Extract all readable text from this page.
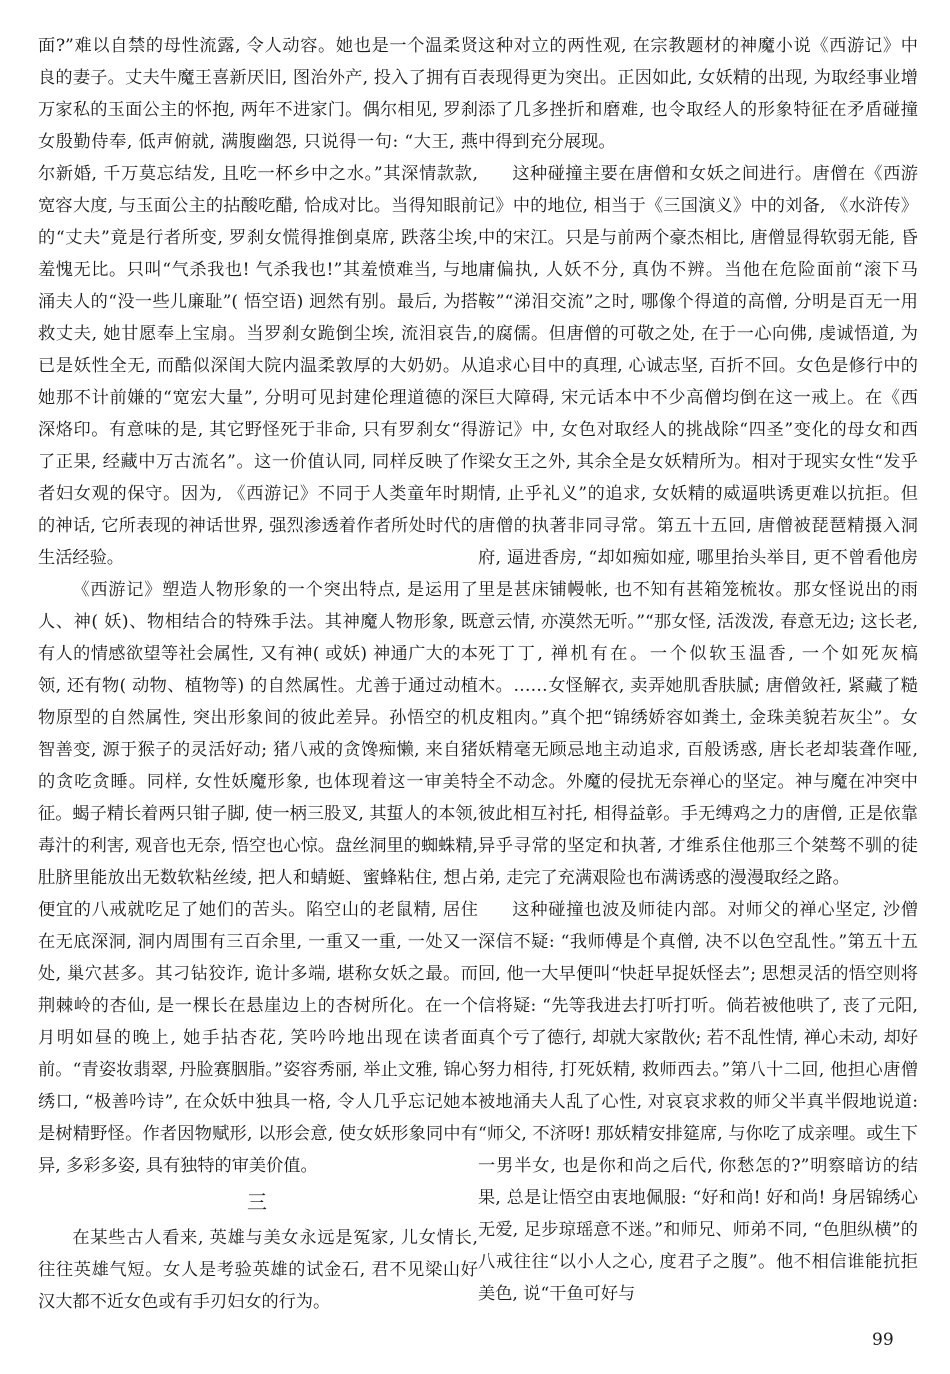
面?”难以自禁的母性流露, 令人动容。她也是一个温柔贤良的妻子。丈夫牛魔王喜新厌旧, 图治外产, 投入了拥有百万家私的玉面公主的怀抱, 两年不进家门。偶尔相见, 罗刹女殷勤侍奉, 低声俯就, 满腹幽怨, 只说得一句: “大王, 燕尔新婚, 千万莫忘结发, 且吃一杯乡中之水。”其深情款款, 宽容大度, 与玉面公主的拈酸吃醋, 恰成对比。当得知眼前的“丈夫”竟是行者所变, 罗刹女慌得推倒桌席, 跌落尘埃, 羞愧无比。只叫“气杀我也! 气杀我也!”其羞愤难当, 与地涌夫人的“没一些儿廉耻”( 悟空语) 迥然有别。最后, 为搭救丈夫, 她甘愿奉上宝扇。当罗刹女跪倒尘埃, 流泪哀告, 已是妖性全无, 而酷似深闺大院内温柔敦厚的大奶奶。从她那不计前嫌的“宽宏大量”, 分明可见封建伦理道德的深深烙印。有意味的是, 其它野怪死于非命, 只有罗刹女“得了正果, 经藏中万古流名”。这一价值认同, 同样反映了作者妇女观的保守。因为, 《西游记》不同于人类童年时期的神话, 它所表现的神话世界, 强烈渗透着作者所处时代的生活经验。

《西游记》塑造人物形象的一个突出特点, 是运用了人、神( 妖)、物相结合的特殊手法。其神魔人物形象, 既有人的情感欲望等社会属性, 又有神( 或妖) 神通广大的本领, 还有物( 动物、植物等) 的自然属性。尤善于通过动植物原型的自然属性, 突出形象间的彼此差异。孙悟空的机智善变, 源于猴子的灵活好动; 猪八戒的贪馋痴懒, 来自猪的贪吃贪睡。同样, 女性妖魔形象, 也体现着这一审美特征。蝎子精长着两只钳子脚, 使一柄三股叉, 其蜇人的本领, 毒汁的利害, 观音也无奈, 悟空也心惊。盘丝洞里的蜘蛛精, 肚脐里能放出无数软粘丝绫, 把人和蜻蜓、蜜蜂粘住, 想占便宜的八戒就吃足了她们的苦头。陷空山的老鼠精, 居住在无底深洞, 洞内周围有三百余里, 一重又一重, 一处又一处, 巢穴甚多。其刁钻狡诈, 诡计多端, 堪称女妖之最。而荆棘岭的杏仙, 是一棵长在悬崖边上的杏树所化。在一个月明如昼的晚上, 她手拈杏花, 笑吟吟地出现在读者面前。“青姿妆翡翠, 丹脸赛胭脂。”姿容秀丽, 举止文雅, 锦心绣口, “极善吟诗”, 在众妖中独具一格, 令人几乎忘记她本是树精野怪。作者因物赋形, 以形会意, 使女妖形象同中有异, 多彩多姿, 具有独特的审美价值。

三

在某些古人看来, 英雄与美女永远是冤家, 儿女情长, 往往英雄气短。女人是考验英雄的试金石, 君不见梁山好汉大都不近女色或有手刃妇女的行为。

这种对立的两性观, 在宗教题材的神魔小说《西游记》中表现得更为突出。正因如此, 女妖精的出现, 为取经事业增添了几多挫折和磨难, 也令取经人的形象特征在矛盾碰撞中得到充分展现。

这种碰撞主要在唐僧和女妖之间进行。唐僧在《西游记》中的地位, 相当于《三国演义》中的刘备, 《水浒传》中的宋江。只是与前两个豪杰相比, 唐僧显得软弱无能, 昏庸偏执, 人妖不分, 真伪不辨。当他在危险面前“滚下马鞍”“涕泪交流”之时, 哪像个得道的高僧, 分明是百无一用的腐儒。但唐僧的可敬之处, 在于一心向佛, 虔诚悟道, 为追求心目中的真理, 心诚志坚, 百折不回。女色是修行中的巨大障碍, 宋元话本中不少高僧均倒在这一戒上。在《西游记》中, 女色对取经人的挑战除“四圣”变化的母女和西梁女王之外, 其余全是女妖精所为。相对于现实女性“发乎情, 止乎礼义”的追求, 女妖精的威逼哄诱更难以抗拒。但唐僧的执著非同寻常。第五十五回, 唐僧被琵琶精摄入洞府, 逼进香房, “却如痴如痖, 哪里抬头举目, 更不曾看他房里是甚床铺幔帐, 也不知有甚箱笼梳妆。那女怪说出的雨意云情, 亦漠然无听。”“那女怪, 活泼泼, 春意无边; 这长老, 死丁丁, 禅机有在。一个似软玉温香, 一个如死灰槁木。……女怪解衣, 卖弄她肌香肤腻; 唐僧敛衽, 紧藏了糙皮粗肉。”真个把“锦绣娇容如粪土, 金珠美貌若灰尘”。女妖精毫无顾忌地主动追求, 百般诱惑, 唐长老却装聋作哑, 全不动念。外魔的侵扰无奈禅心的坚定。神与魔在冲突中彼此相互衬托, 相得益彰。手无缚鸡之力的唐僧, 正是依靠异乎寻常的坚定和执著, 才维系住他那三个桀骜不驯的徒弟, 走完了充满艰险也布满诱惑的漫漫取经之路。

这种碰撞也波及师徒内部。对师父的禅心坚定, 沙僧深信不疑: “我师傅是个真僧, 决不以色空乱性。”第五十五回, 他一大早便叫“快赶早捉妖怪去”; 思想灵活的悟空则将信将疑: “先等我进去打听打听。倘若被他哄了, 丧了元阳, 真个亏了德行, 却就大家散伙; 若不乱性情, 禅心未动, 却好努力相待, 打死妖精, 救师西去。”第八十二回, 他担心唐僧被地涌夫人乱了心性, 对哀哀求救的师父半真半假地说道: “师父, 不济呀! 那妖精安排筵席, 与你吃了成亲哩。或生下一男半女, 也是你和尚之后代, 你愁怎的?”明察暗访的结果, 总是让悟空由衷地佩服: “好和尚! 好和尚! 身居锦绣心无爱, 足步琼瑶意不迷。”和师兄、师弟不同, “色胆纵横”的八戒往往“以小人之心, 度君子之腹”。他不相信谁能抗拒美色, 说“干鱼可好与

99
